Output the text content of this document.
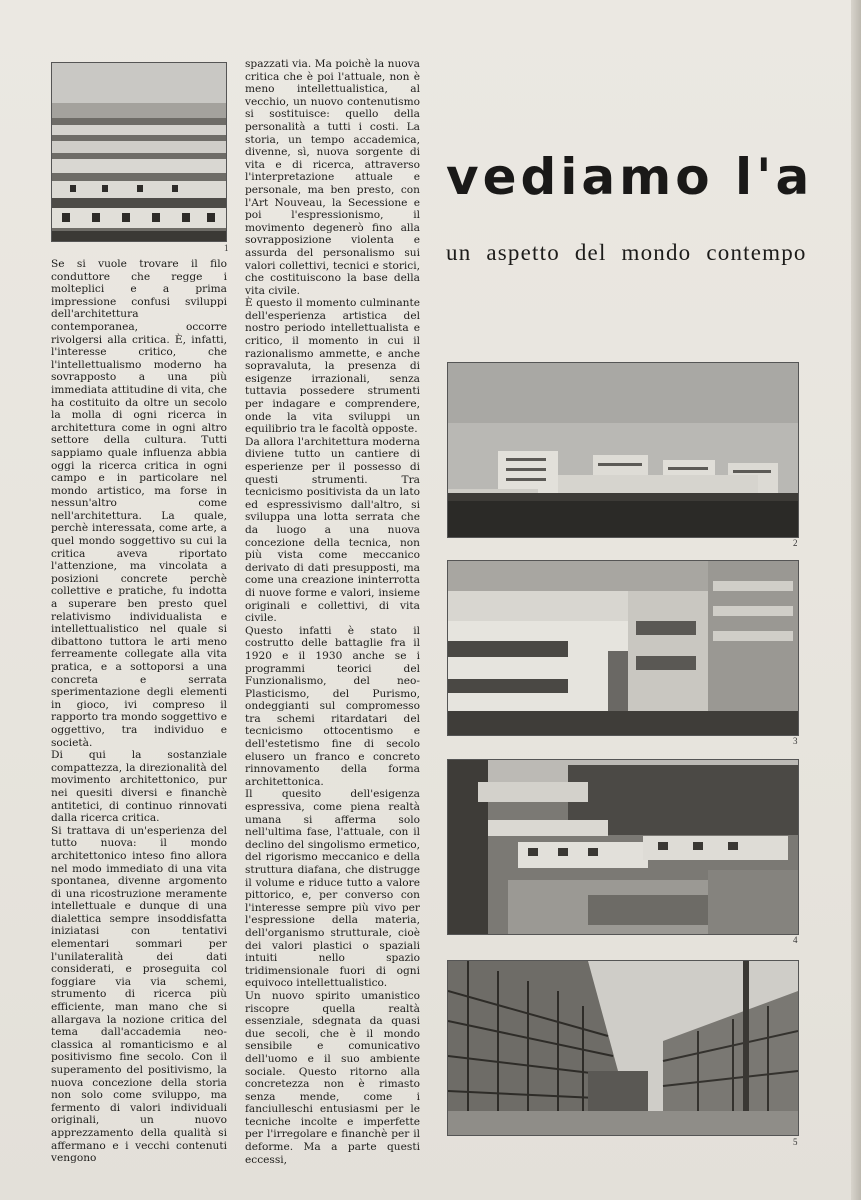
1

Se si vuole trovare il filo conduttore che regge i molteplici e a prima impressione confusi sviluppi dell'architettura contemporanea, occorre rivolgersi alla critica. È, infatti, l'interesse critico, che l'intellettualismo moderno ha sovrapposto a una più immediata attitudine di vita, che ha costituito da oltre un secolo la molla di ogni ricerca in architettura come in ogni altro settore della cultura. Tutti sappiamo quale influenza abbia oggi la ricerca critica in ogni campo e in particolare nel mondo artistico, ma forse in nessun'altro come nell'architettura. La quale, perchè interessata, come arte, a quel mondo soggettivo su cui la critica aveva riportato l'attenzione, ma vincolata a posizioni concrete perchè collettive e pratiche, fu indotta a superare ben presto quel relativismo individualista e intellettualistico nel quale si dibattono tuttora le arti meno ferreamente collegate alla vita pratica, e a sottoporsi a una concreta e serrata sperimentazione degli elementi in gioco, ivi compreso il rapporto tra mondo soggettivo e oggettivo, tra individuo e società.

Di qui la sostanziale compattezza, la direzionalità del movimento architettonico, pur nei quesiti diversi e financhè antitetici, di continuo rinnovati dalla ricerca critica.

Si trattava di un'esperienza del tutto nuova: il mondo architettonico inteso fino allora nel modo immediato di una vita spontanea, divenne argomento di una ricostruzione meramente intellettuale e dunque di una dialettica sempre insoddisfatta iniziatasi con tentativi elementari sommari per l'unilateralità dei dati considerati, e proseguita col foggiare via via schemi, strumento di ricerca più efficiente, man mano che si allargava la nozione critica del tema dall'accademia neo-classica al romanticismo e al positivismo fine secolo. Con il superamento del positivismo, la nuova concezione della storia non solo come sviluppo, ma fermento di valori individuali originali, un nuovo apprezzamento della qualità si affermano e i vecchi contenuti vengono

spazzati via. Ma poichè la nuova critica che è poi l'attuale, non è meno intellettualistica, al vecchio, un nuovo contenutismo si sostituisce: quello della personalità a tutti i costi. La storia, un tempo accademica, divenne, sì, nuova sorgente di vita e di ricerca, attraverso l'interpretazione attuale e personale, ma ben presto, con l'Art Nouveau, la Secessione e poi l'espressionismo, il movimento degenerò fino alla sovrapposizione violenta e assurda del personalismo sui valori collettivi, tecnici e storici, che costituiscono la base della vita civile.

È questo il momento culminante dell'esperienza artistica del nostro periodo intellettualista e critico, il momento in cui il razionalismo ammette, e anche sopravaluta, la presenza di esigenze irrazionali, senza tuttavia possedere strumenti per indagare e comprendere, onde la vita sviluppi un equilibrio tra le facoltà opposte.

Da allora l'architettura moderna diviene tutto un cantiere di esperienze per il possesso di questi strumenti. Tra tecnicismo positivista da un lato ed espressivismo dall'altro, si sviluppa una lotta serrata che da luogo a una nuova concezione della tecnica, non più vista come meccanico derivato di dati presupposti, ma come una creazione ininterrotta di nuove forme e valori, insieme originali e collettivi, di vita civile.

Questo infatti è stato il costrutto delle battaglie fra il 1920 e il 1930 anche se i programmi teorici del Funzionalismo, del neo-Plasticismo, del Purismo, ondeggianti sul compromesso tra schemi ritardatari del tecnicismo ottocentismo e dell'estetismo fine di secolo elusero un franco e concreto rinnovamento della forma architettonica.

Il quesito dell'esigenza espressiva, come piena realtà umana si afferma solo nell'ultima fase, l'attuale, con il declino del singolismo ermetico, del rigorismo meccanico e della struttura diafana, che distrugge il volume e riduce tutto a valore pittorico, e, per converso con l'interesse sempre più vivo per l'espressione della materia, dell'organismo strutturale, cioè dei valori plastici o spaziali intuiti nello spazio tridimensionale fuori di ogni equivoco intellettualistico.

Un nuovo spirito umanistico riscopre quella realtà essenziale, sdegnata da quasi due secoli, che è il mondo sensibile e comunicativo dell'uomo e il suo ambiente sociale. Questo ritorno alla concretezza non è rimasto senza mende, come i fanciulleschi entusiasmi per le tecniche incolte e imperfette per l'irregolare e financhè per il deforme. Ma a parte questi eccessi,

vediamo l'a
un aspetto del mondo contempo
2
3
4
5
